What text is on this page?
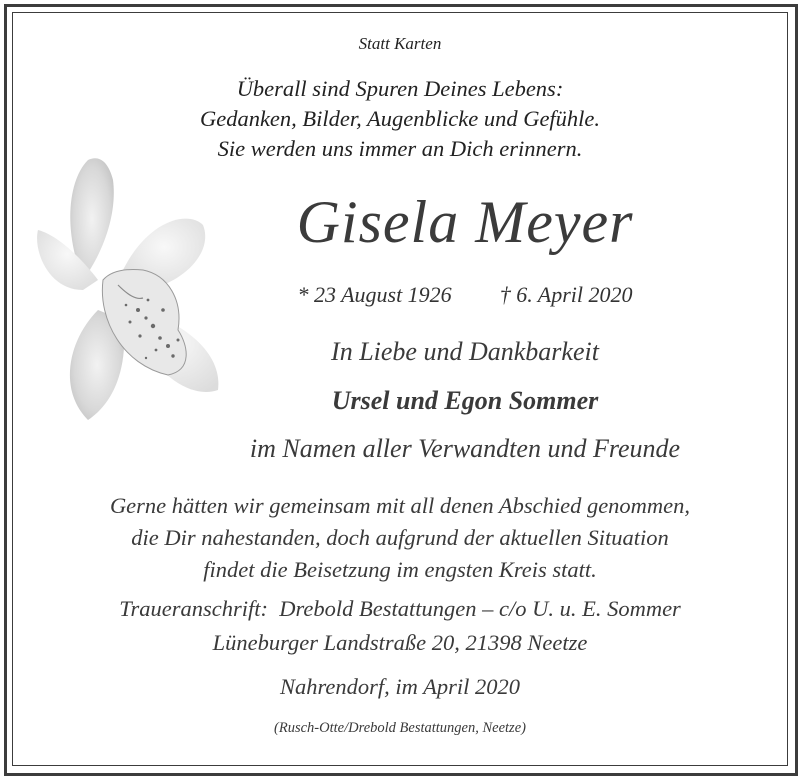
Statt Karten
Überall sind Spuren Deines Lebens:
Gedanken, Bilder, Augenblicke und Gefühle.
Sie werden uns immer an Dich erinnern.
Gisela Meyer
* 23 August 1926 † 6. April 2020
In Liebe und Dankbarkeit
Ursel und Egon Sommer
im Namen aller Verwandten und Freunde
Gerne hätten wir gemeinsam mit all denen Abschied genommen,
die Dir nahestanden, doch aufgrund der aktuellen Situation
findet die Beisetzung im engsten Kreis statt.
Traueranschrift:  Drebold Bestattungen – c/o U. u. E. Sommer
Lüneburger Landstraße 20, 21398 Neetze
Nahrendorf, im April 2020
(Rusch-Otte/Drebold Bestattungen, Neetze)
